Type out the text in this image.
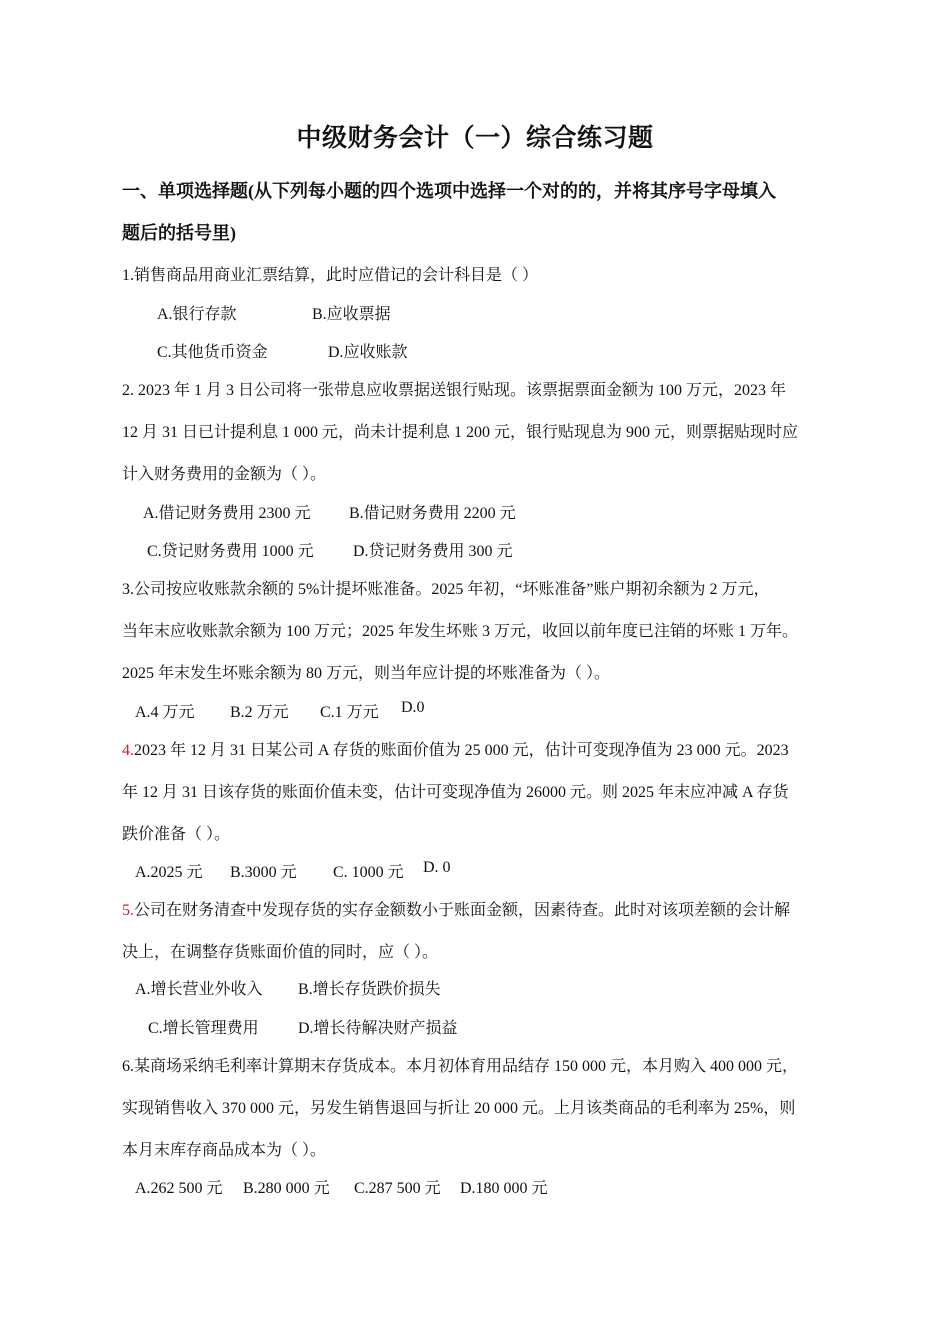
中级财务会计（一）综合练习题
一、单项选择题(从下列每小题的四个选项中选择一个对的的，并将其序号字母填入
题后的括号里)
1.销售商品用商业汇票结算，此时应借记的会计科目是（ ）
A.银行存款	B.应收票据
C.其他货币资金	D.应收账款
2. 2023 年 1 月 3 日公司将一张带息应收票据送银行贴现。该票据票面金额为 100 万元，2023 年
12 月 31 日已计提利息 1 000 元，尚未计提利息 1 200 元，银行贴现息为 900 元，则票据贴现时应
计入财务费用的金额为（ ）。
A.借记财务费用 2300 元 B.借记财务费用 2200 元
C.贷记财务费用 1000 元 D.贷记财务费用 300 元
3.公司按应收账款余额的 5%计提坏账准备。2025 年初，“坏账准备”账户期初余额为 2 万元，
当年末应收账款余额为 100 万元；2025 年发生坏账 3 万元，收回以前年度已注销的坏账 1 万年。
2025 年末发生坏账余额为 80 万元，则当年应计提的坏账准备为（ ）。
A.4 万元 B.2 万元 C.1 万元 D.0
4.2023 年 12 月 31 日某公司 A 存货的账面价值为 25 000 元，估计可变现净值为 23 000 元。2023
年 12 月 31 日该存货的账面价值未变，估计可变现净值为 26000 元。则 2025 年末应冲减 A 存货
跌价准备（ ）。
A.2025 元 B.3000 元 C. 1000 元 D. 0
5.公司在财务清查中发现存货的实存金额数小于账面金额，因素待查。此时对该项差额的会计解
决上，在调整存货账面价值的同时，应（ ）。
A.增长营业外收入 B.增长存货跌价损失
C.增长管理费用 D.增长待解决财产损益
6.某商场采纳毛利率计算期末存货成本。本月初体育用品结存 150 000 元，本月购入 400 000 元，
实现销售收入 370 000 元，另发生销售退回与折让 20 000 元。上月该类商品的毛利率为 25%，则
本月末库存商品成本为（ ）。
A.262 500 元 B.280 000 元 C.287 500 元 D.180 000 元
